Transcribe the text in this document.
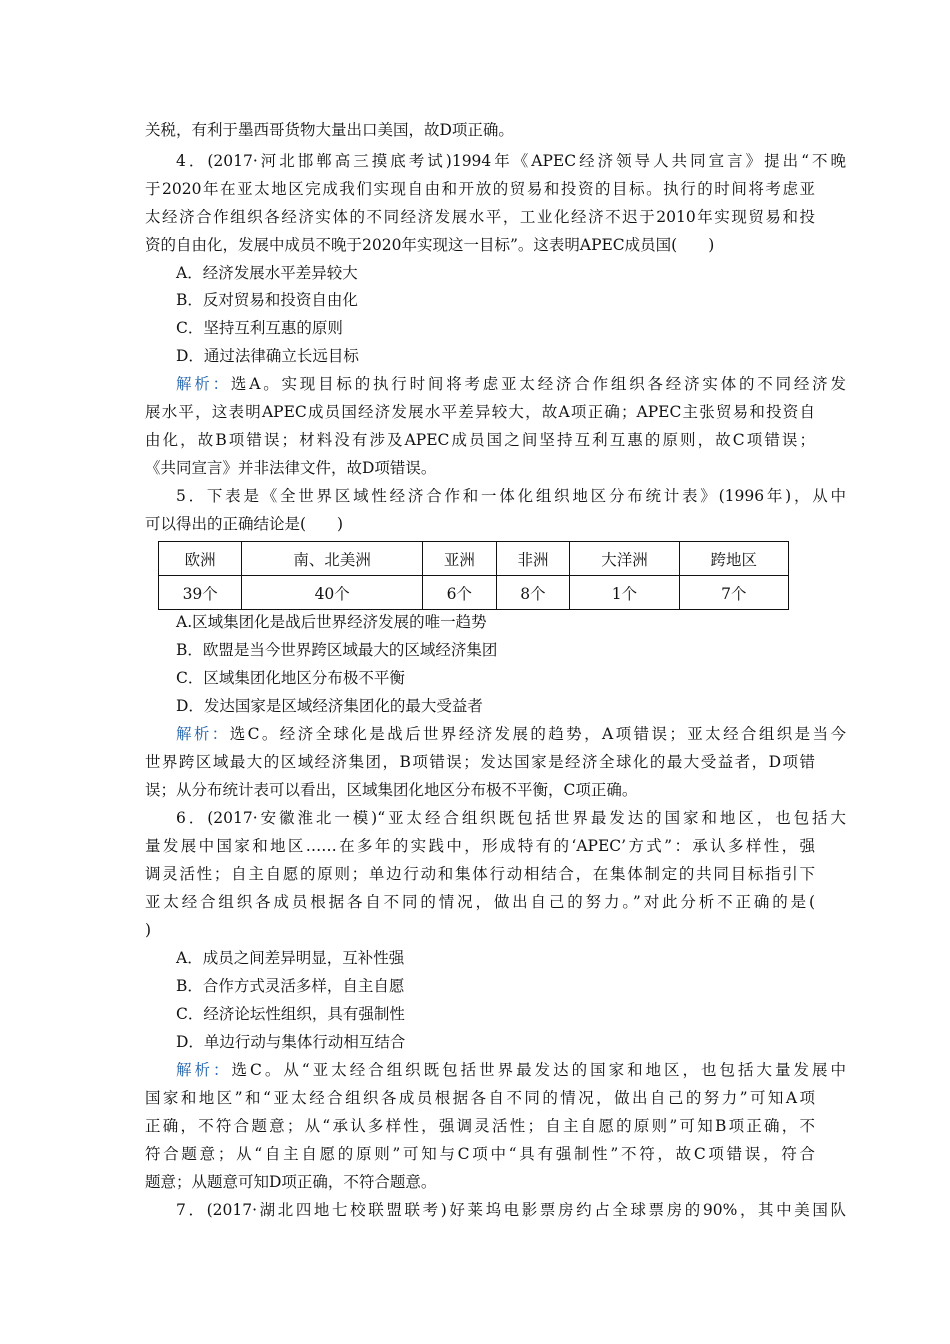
关税，有利于墨西哥货物大量出口美国，故D项正确。
4．(2017·河北邯郸高三摸底考试)1994年《APEC经济领导人共同宣言》提出“不晚
于2020年在亚太地区完成我们实现自由和开放的贸易和投资的目标。执行的时间将考虑亚
太经济合作组织各经济实体的不同经济发展水平，工业化经济不迟于2010年实现贸易和投
资的自由化，发展中成员不晚于2020年实现这一目标”。这表明APEC成员国(　　)
A．经济发展水平差异较大
B．反对贸易和投资自由化
C．坚持互利互惠的原则
D．通过法律确立长远目标
解析：选A。实现目标的执行时间将考虑亚太经济合作组织各经济实体的不同经济发
展水平，这表明APEC成员国经济发展水平差异较大，故A项正确；APEC主张贸易和投资自
由化，故B项错误；材料没有涉及APEC成员国之间坚持互利互惠的原则，故C项错误；
《共同宣言》并非法律文件，故D项错误。
5．下表是《全世界区域性经济合作和一体化组织地区分布统计表》(1996年)，从中
可以得出的正确结论是(　　)
欧洲	南、北美洲	亚洲	非洲	大洋洲	跨地区
39个	40个	6个	8个	1个	7个
A.区域集团化是战后世界经济发展的唯一趋势
B．欧盟是当今世界跨区域最大的区域经济集团
C．区域集团化地区分布极不平衡
D．发达国家是区域经济集团化的最大受益者
解析：选C。经济全球化是战后世界经济发展的趋势，A项错误；亚太经合组织是当今
世界跨区域最大的区域经济集团，B项错误；发达国家是经济全球化的最大受益者，D项错
误；从分布统计表可以看出，区域集团化地区分布极不平衡，C项正确。
6．(2017·安徽淮北一模)“亚太经合组织既包括世界最发达的国家和地区，也包括大
量发展中国家和地区……在多年的实践中，形成特有的‘APEC’方式”：承认多样性，强
调灵活性；自主自愿的原则；单边行动和集体行动相结合，在集体制定的共同目标指引下
亚太经合组织各成员根据各自不同的情况，做出自己的努力。”对此分析不正确的是(
)
A．成员之间差异明显，互补性强
B．合作方式灵活多样，自主自愿
C．经济论坛性组织，具有强制性
D．单边行动与集体行动相互结合
解析：选C。从“亚太经合组织既包括世界最发达的国家和地区，也包括大量发展中
国家和地区”和“亚太经合组织各成员根据各自不同的情况，做出自己的努力”可知A项
正确，不符合题意；从“承认多样性，强调灵活性；自主自愿的原则”可知B项正确，不
符合题意；从“自主自愿的原则”可知与C项中“具有强制性”不符，故C项错误，符合
题意；从题意可知D项正确，不符合题意。
7．(2017·湖北四地七校联盟联考)好莱坞电影票房约占全球票房的90%，其中美国队
